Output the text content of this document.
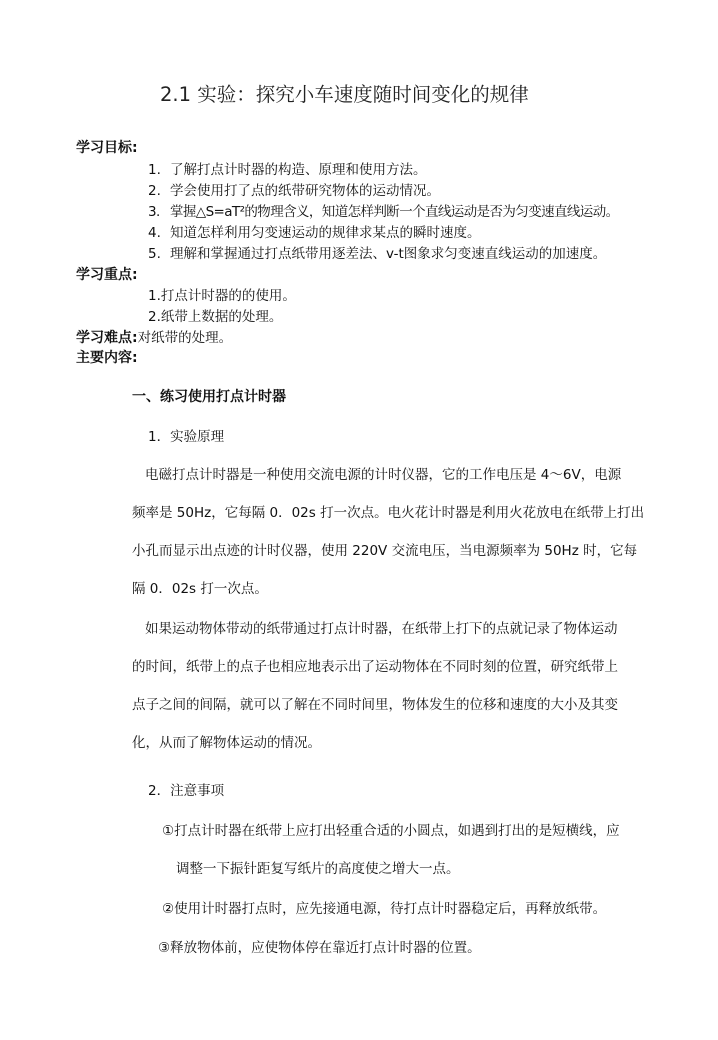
2.1 实验：探究小车速度随时间变化的规律
学习目标:
1. 了解打点计时器的构造、原理和使用方法。
2. 学会使用打了点的纸带研究物体的运动情况。
3. 掌握△S=aT²的物理含义，知道怎样判断一个直线运动是否为匀变速直线运动。
4. 知道怎样利用匀变速运动的规律求某点的瞬时速度。
5. 理解和掌握通过打点纸带用逐差法、v-t图象求匀变速直线运动的加速度。
学习重点:
1.打点计时器的的使用。
2.纸带上数据的处理。
学习难点:对纸带的处理。
主要内容:
一、练习使用打点计时器
1．实验原理
电磁打点计时器是一种使用交流电源的计时仪器，它的工作电压是 4～6V，电源
频率是 50Hz，它每隔 0．02s 打一次点。电火花计时器是利用火花放电在纸带上打出
小孔而显示出点迹的计时仪器，使用 220V 交流电压，当电源频率为 50Hz 时，它每
隔 0．02s 打一次点。
如果运动物体带动的纸带通过打点计时器，在纸带上打下的点就记录了物体运动
的时间，纸带上的点子也相应地表示出了运动物体在不同时刻的位置，研究纸带上
点子之间的间隔，就可以了解在不同时间里，物体发生的位移和速度的大小及其变
化，从而了解物体运动的情况。
2．注意事项
①打点计时器在纸带上应打出轻重合适的小圆点，如遇到打出的是短横线，应
调整一下振针距复写纸片的高度使之增大一点。
②使用计时器打点时，应先接通电源，待打点计时器稳定后，再释放纸带。
③释放物体前，应使物体停在靠近打点计时器的位置。
